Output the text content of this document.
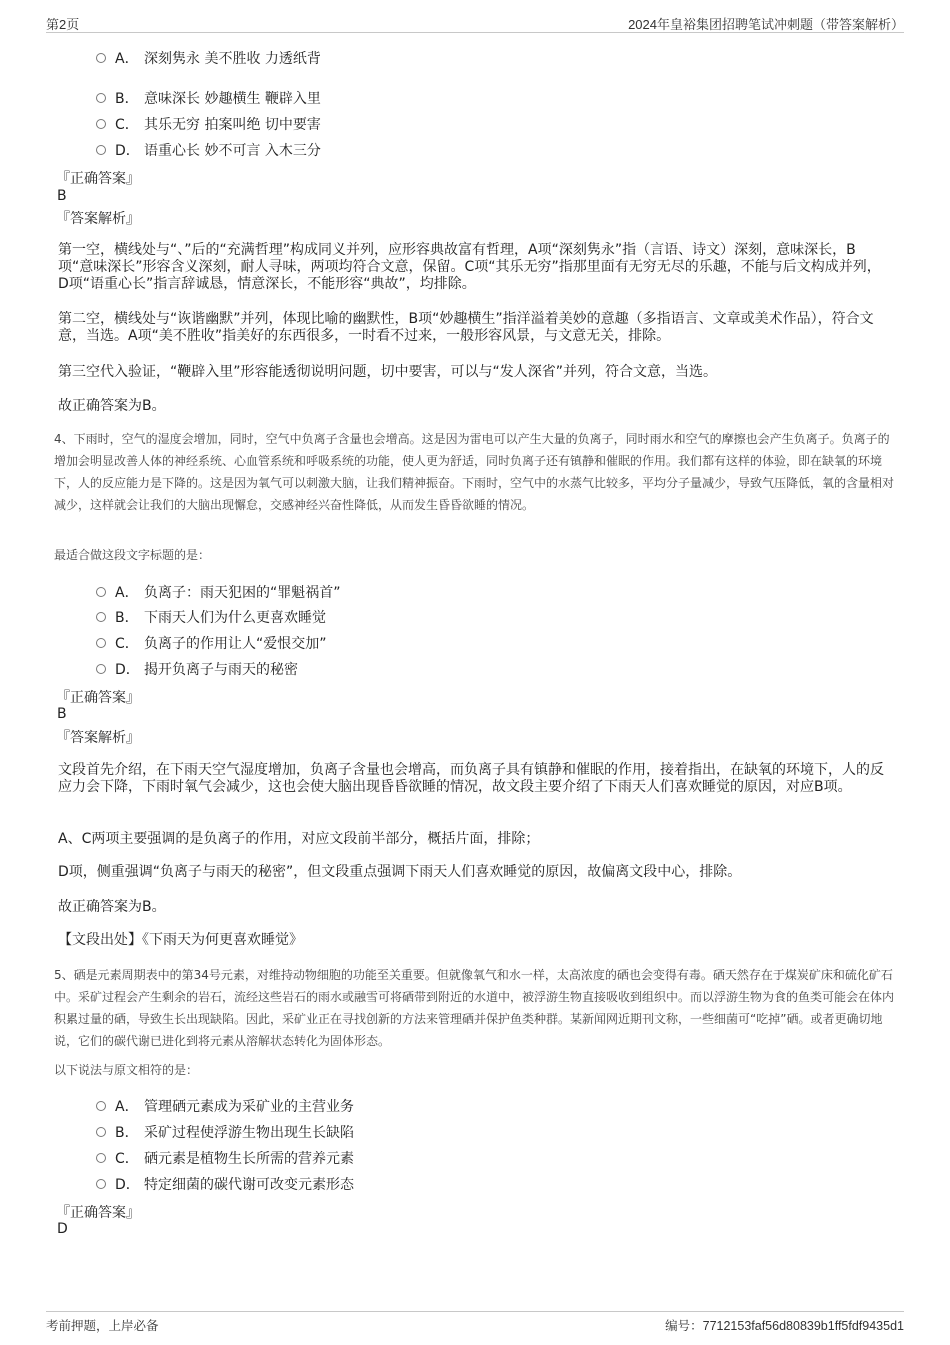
第2页	2024年皇裕集团招聘笔试冲刺题（带答案解析）
A． 深刻隽永 美不胜收 力透纸背
B． 意味深长 妙趣横生 鞭辟入里
C． 其乐无穷 拍案叫绝 切中要害
D． 语重心长 妙不可言 入木三分
『正确答案』
B
『答案解析』
第一空，横线处与“、”后的“充满哲理”构成同义并列，应形容典故富有哲理，A项“深刻隽永”指（言语、诗文）深刻，意味深长，B项“意味深长”形容含义深刻，耐人寻味，两项均符合文意，保留。C项“其乐无穷”指那里面有无穷无尽的乐趣，不能与后文构成并列，D项“语重心长”指言辞诚恳，情意深长，不能形容“典故”，均排除。
第二空，横线处与“诙谐幽默”并列，体现比喻的幽默性，B项“妙趣横生”指洋溢着美妙的意趣（多指语言、文章或美术作品），符合文意，当选。A项“美不胜收”指美好的东西很多，一时看不过来，一般形容风景，与文意无关，排除。
第三空代入验证，“鞭辟入里”形容能透彻说明问题，切中要害，可以与“发人深省”并列，符合文意，当选。
故正确答案为B。
4、下雨时，空气的湿度会增加，同时，空气中负离子含量也会增高。这是因为雷电可以产生大量的负离子，同时雨水和空气的摩擦也会产生负离子。负离子的增加会明显改善人体的神经系统、心血管系统和呼吸系统的功能，使人更为舒适，同时负离子还有镇静和催眠的作用。我们都有这样的体验，即在缺氧的环境下，人的反应能力是下降的。这是因为氧气可以刺激大脑，让我们精神振奋。下雨时，空气中的水蒸气比较多，平均分子量减少，导致气压降低，氧的含量相对减少，这样就会让我们的大脑出现懈怠，交感神经兴奋性降低，从而发生昏昏欲睡的情况。
最适合做这段文字标题的是：
A． 负离子：雨天犯困的“罪魁祸首”
B． 下雨天人们为什么更喜欢睡觉
C． 负离子的作用让人“爱恨交加”
D． 揭开负离子与雨天的秘密
『正确答案』
B
『答案解析』
文段首先介绍，在下雨天空气湿度增加，负离子含量也会增高，而负离子具有镇静和催眠的作用，接着指出，在缺氧的环境下，人的反应力会下降，下雨时氧气会减少，这也会使大脑出现昏昏欲睡的情况，故文段主要介绍了下雨天人们喜欢睡觉的原因，对应B项。
A、C两项主要强调的是负离子的作用，对应文段前半部分，概括片面，排除；
D项，侧重强调“负离子与雨天的秘密”，但文段重点强调下雨天人们喜欢睡觉的原因，故偏离文段中心，排除。
故正确答案为B。
【文段出处】《下雨天为何更喜欢睡觉》
5、硒是元素周期表中的第34号元素，对维持动物细胞的功能至关重要。但就像氧气和水一样，太高浓度的硒也会变得有毒。硒天然存在于煤炭矿床和硫化矿石中。采矿过程会产生剩余的岩石，流经这些岩石的雨水或融雪可将硒带到附近的水道中，被浮游生物直接吸收到组织中。而以浮游生物为食的鱼类可能会在体内积累过量的硒，导致生长出现缺陷。因此，采矿业正在寻找创新的方法来管理硒并保护鱼类种群。某新闻网近期刊文称，一些细菌可“吃掉”硒。或者更确切地说，它们的碳代谢已进化到将元素从溶解状态转化为固体形态。
以下说法与原文相符的是：
A． 管理硒元素成为采矿业的主营业务
B． 采矿过程使浮游生物出现生长缺陷
C． 硒元素是植物生长所需的营养元素
D． 特定细菌的碳代谢可改变元素形态
『正确答案』
D
考前押题，上岸必备	编号：7712153faf56d80839b1ff5fdf9435d1
